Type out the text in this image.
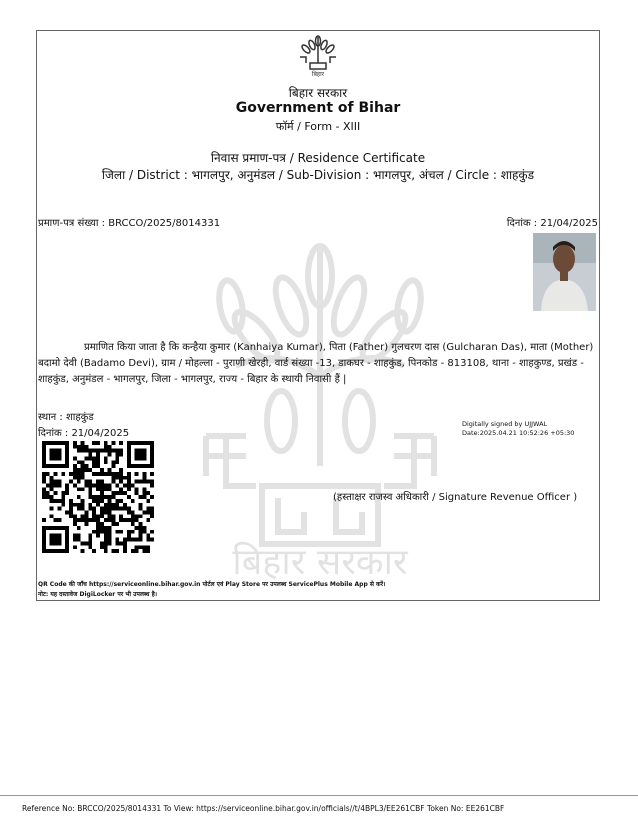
बिहार सरकार
बिहार
बिहार सरकार
Government of Bihar
फॉर्म / Form - XIII
निवास प्रमाण-पत्र / Residence Certificate
जिला / District : भागलपुर, अनुमंडल / Sub-Division : भागलपुर, अंचल / Circle : शाहकुंड
प्रमाण-पत्र संख्या : BRCCO/2025/8014331	दिनांक : 21/04/2025
प्रमाणित किया जाता है कि कन्हैया कुमार (Kanhaiya Kumar), पिता (Father) गुलचरण दास (Gulcharan Das), माता (Mother) बदामो देवी (Badamo Devi), ग्राम / मोहल्ला - पुराणी खेरही, वार्ड संख्या -13, डाकघर - शाहकुंड, पिनकोड - 813108, थाना - शाहकुण्ड, प्रखंड - शाहकुंड, अनुमंडल - भागलपुर, जिला - भागलपुर, राज्य - बिहार के स्थायी निवासी हैं |
स्थान : शाहकुंड
दिनांक : 21/04/2025
Digitally signed by UJJWAL
Date:2025.04.21 10:52:26 +05:30
(हस्ताक्षर राजस्व अधिकारी / Signature Revenue Officer )
QR Code की जाँच https://serviceonline.bihar.gov.in पोर्टल एवं Play Store पर उपलब्ध ServicePlus Mobile App से करें।
नोट: यह दस्तावेज DigiLocker पर भी उपलब्ध है।
Reference No: BRCCO/2025/8014331 To View: https://serviceonline.bihar.gov.in/officials//t/4BPL3/EE261CBF Token No: EE261CBF
